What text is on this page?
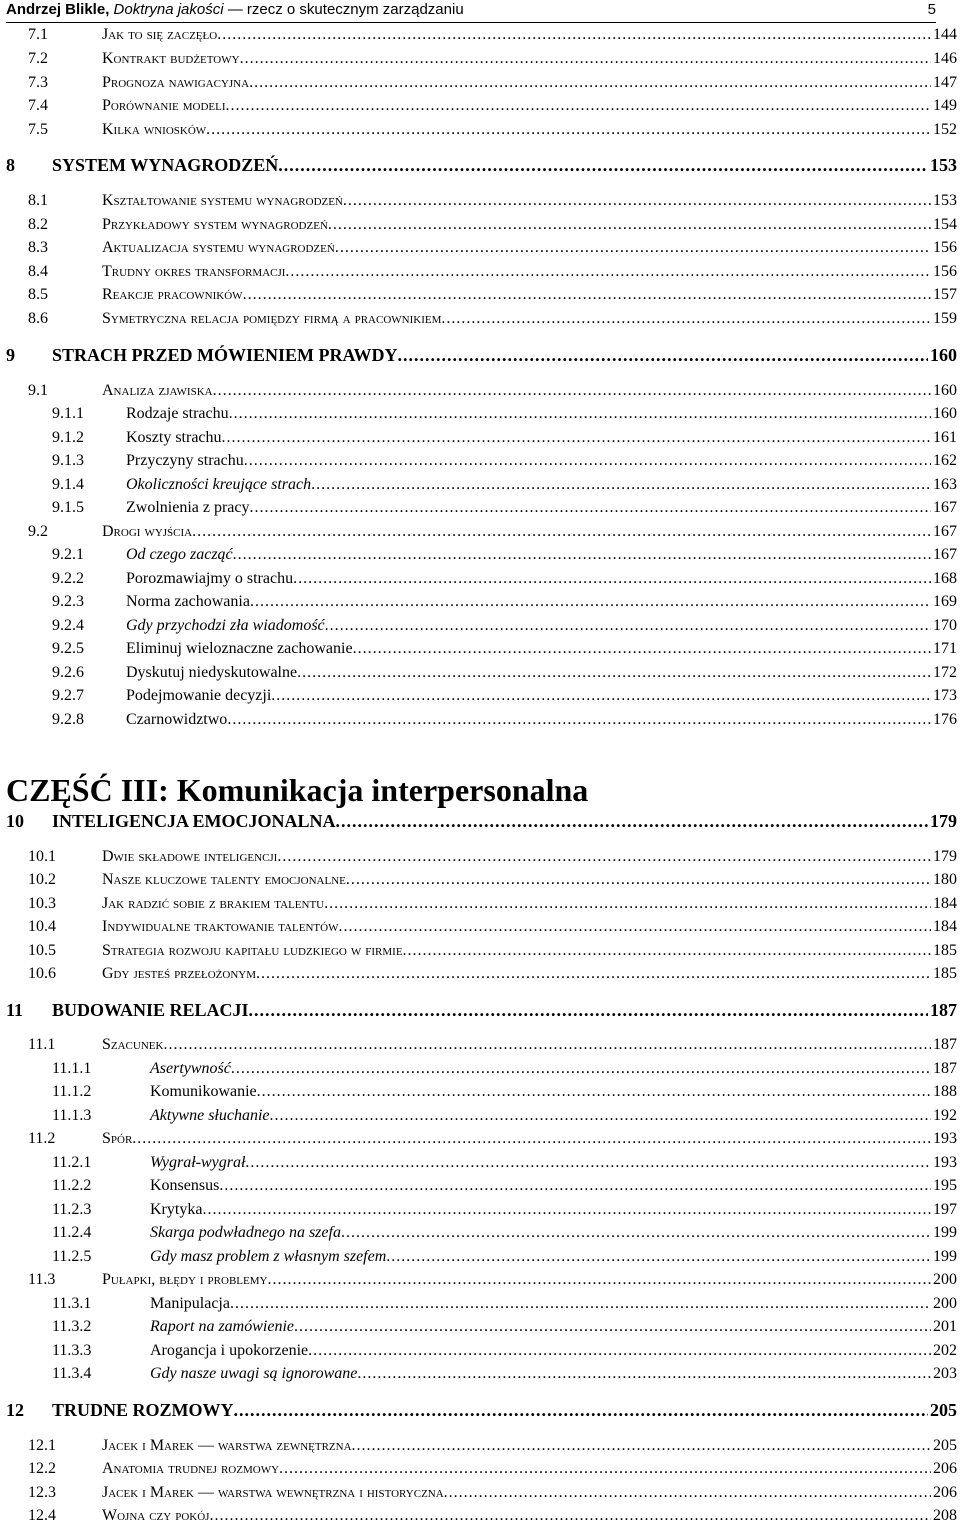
Andrzej Blikle, Doktryna jakości — rzecz o skutecznym zarządzaniu	5
7.1	Jak to się zaczęło .....	144
7.2	Kontrakt budżetowy .....	146
7.3	Prognoza nawigacyjna .....	147
7.4	Porównanie modeli .....	149
7.5	Kilka wniosków .....	152
8	SYSTEM WYNAGRODZEŃ .....	153
8.1	Kształtowanie systemu wynagrodzeń .....	153
8.2	Przykładowy system wynagrodzeń .....	154
8.3	Aktualizacja systemu wynagrodzeń .....	156
8.4	Trudny okres transformacji .....	156
8.5	Reakcje pracowników .....	157
8.6	Symetryczna relacja pomiędzy firmą a pracownikiem .....	159
9	STRACH PRZED MÓWIENIEM PRAWDY .....	160
9.1	Analiza zjawiska .....	160
9.1.1	Rodzaje strachu .....	160
9.1.2	Koszty strachu .....	161
9.1.3	Przyczyny strachu .....	162
9.1.4	Okoliczności kreujące strach .....	163
9.1.5	Zwolnienia z pracy .....	167
9.2	Drogi wyjścia .....	167
9.2.1	Od czego zacząć .....	167
9.2.2	Porozmawiajmy o strachu .....	168
9.2.3	Norma zachowania .....	169
9.2.4	Gdy przychodzi zła wiadomość .....	170
9.2.5	Eliminuj wieloznaczne zachowanie .....	171
9.2.6	Dyskutuj niedyskutowalne .....	172
9.2.7	Podejmowanie decyzji .....	173
9.2.8	Czarnowidztwo .....	176
10	INTELIGENCJA EMOCJONALNA .....	179
10.1	Dwie składowe inteligencji .....	179
10.2	Nasze kluczowe talenty emocjonalne .....	180
10.3	Jak radzić sobie z brakiem talentu .....	184
10.4	Indywidualne traktowanie talentów .....	184
10.5	Strategia rozwoju kapitału ludzkiego w firmie .....	185
10.6	Gdy jesteś przełożonym .....	185
11	BUDOWANIE RELACJI .....	187
11.1	Szacunek .....	187
11.1.1	Asertywność .....	187
11.1.2	Komunikowanie .....	188
11.1.3	Aktywne słuchanie .....	192
11.2	Spór .....	193
11.2.1	Wygrał-wygrał .....	193
11.2.2	Konsensus .....	195
11.2.3	Krytyka .....	197
11.2.4	Skarga podwładnego na szefa .....	199
11.2.5	Gdy masz problem z własnym szefem .....	199
11.3	Pułapki, błędy i problemy .....	200
11.3.1	Manipulacja .....	200
11.3.2	Raport na zamówienie .....	201
11.3.3	Arogancja i upokorzenie .....	202
11.3.4	Gdy nasze uwagi są ignorowane .....	203
12	TRUDNE ROZMOWY .....	205
12.1	Jacek i Marek — warstwa zewnętrzna .....	205
12.2	Anatomia trudnej rozmowy .....	206
12.3	Jacek i Marek — warstwa wewnętrzna i historyczna .....	206
12.4	Wojna czy pokój .....	208
CZĘŚĆ III: Komunikacja interpersonalna
